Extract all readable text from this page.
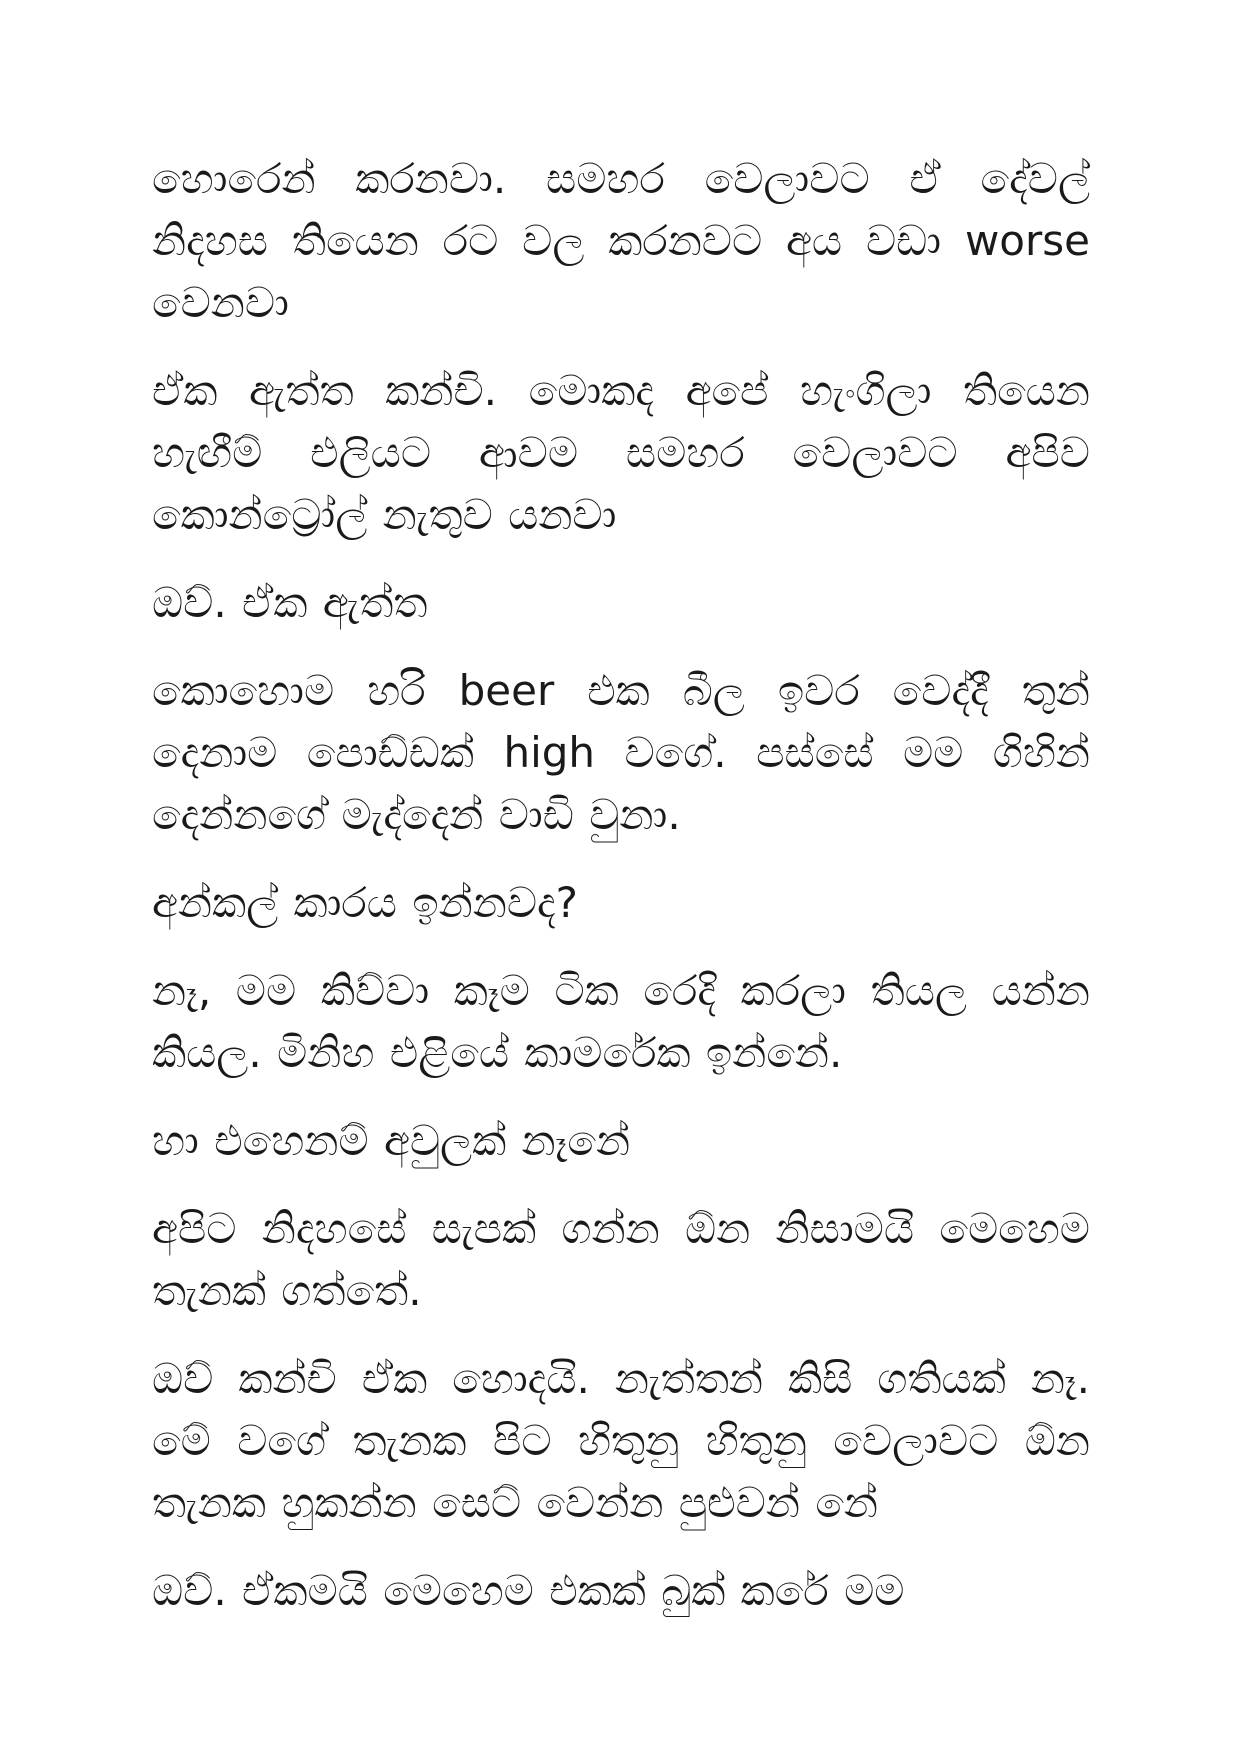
හොරෙන් කරනවා. සමහර වෙලාවට ඒ දේවල් නිදහස තියෙන රට වල කරනවට අය වඩා worse වෙනවා

ඒක ඇත්ත කන්චි. මොකද අපේ හැංගිලා තියෙන හැඟීම් එලියට ආවම සමහර වෙලාවට අපිව කොන්ට්‍රෝල් නැතුව යනවා

ඔව්. ඒක ඇත්ත

කොහොම හරි beer එක බීල ඉවර වෙද්දී තුන් දෙනාම පොඩ්ඩක් high වගේ. පස්සේ මම ගිහින් දෙන්නගේ මැද්දෙන් වාඩි වුනා.

අන්කල් කාරය ඉන්නවද?

නෑ, මම කිව්වා කෑම ටික රෙදි කරලා තියල යන්න කියල. මිනිහ එළියේ කාමරේක ඉන්නේ.

හා එහෙනම් අවුලක් නෑනේ

අපිට නිදහසේ සැපක් ගන්න ඕන නිසාමයි මෙහෙම තැනක් ගත්තේ.

ඔව් කන්චි ඒක හොදයි. නැත්තන් කිසි ගතියක් නෑ. මේ වගේ තැනක පිට හිතුනු හිතුනු වෙලාවට ඕන තැනක හුකන්න සෙට් වෙන්න පුළුවන් නේ

ඔව්. ඒකමයි මෙහෙම එකක් බුක් කරේ මම
